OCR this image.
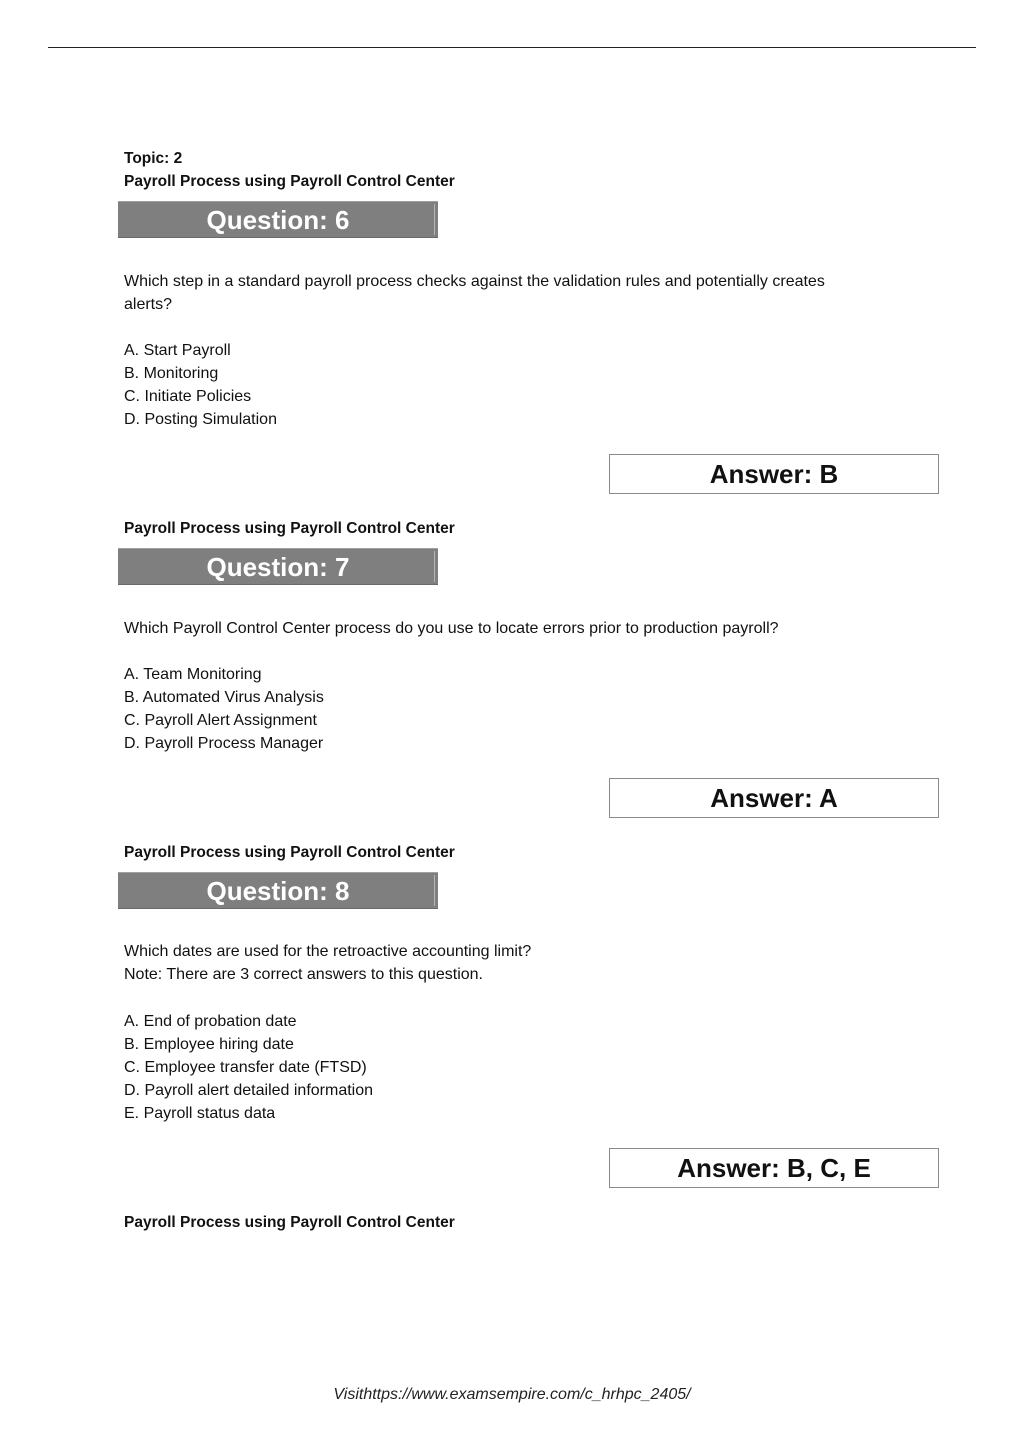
Topic: 2

Payroll Process using Payroll Control Center

Question: 6

Which step in a standard payroll process checks against the validation rules and potentially creates

alerts?

A. Start Payroll

B. Monitoring

C. Initiate Policies

D. Posting Simulation

Answer: B

Payroll Process using Payroll Control Center

Question: 7

Which Payroll Control Center process do you use to locate errors prior to production payroll?

A. Team Monitoring

B. Automated Virus Analysis

C. Payroll Alert Assignment

D. Payroll Process Manager

Answer: A

Payroll Process using Payroll Control Center

Question: 8

Which dates are used for the retroactive accounting limit?

Note: There are 3 correct answers to this question.

A. End of probation date

B. Employee hiring date

C. Employee transfer date (FTSD)

D. Payroll alert detailed information

E. Payroll status data

Answer: B, C, E

Payroll Process using Payroll Control Center

Visithttps://www.examsempire.com/c_hrhpc_2405/
